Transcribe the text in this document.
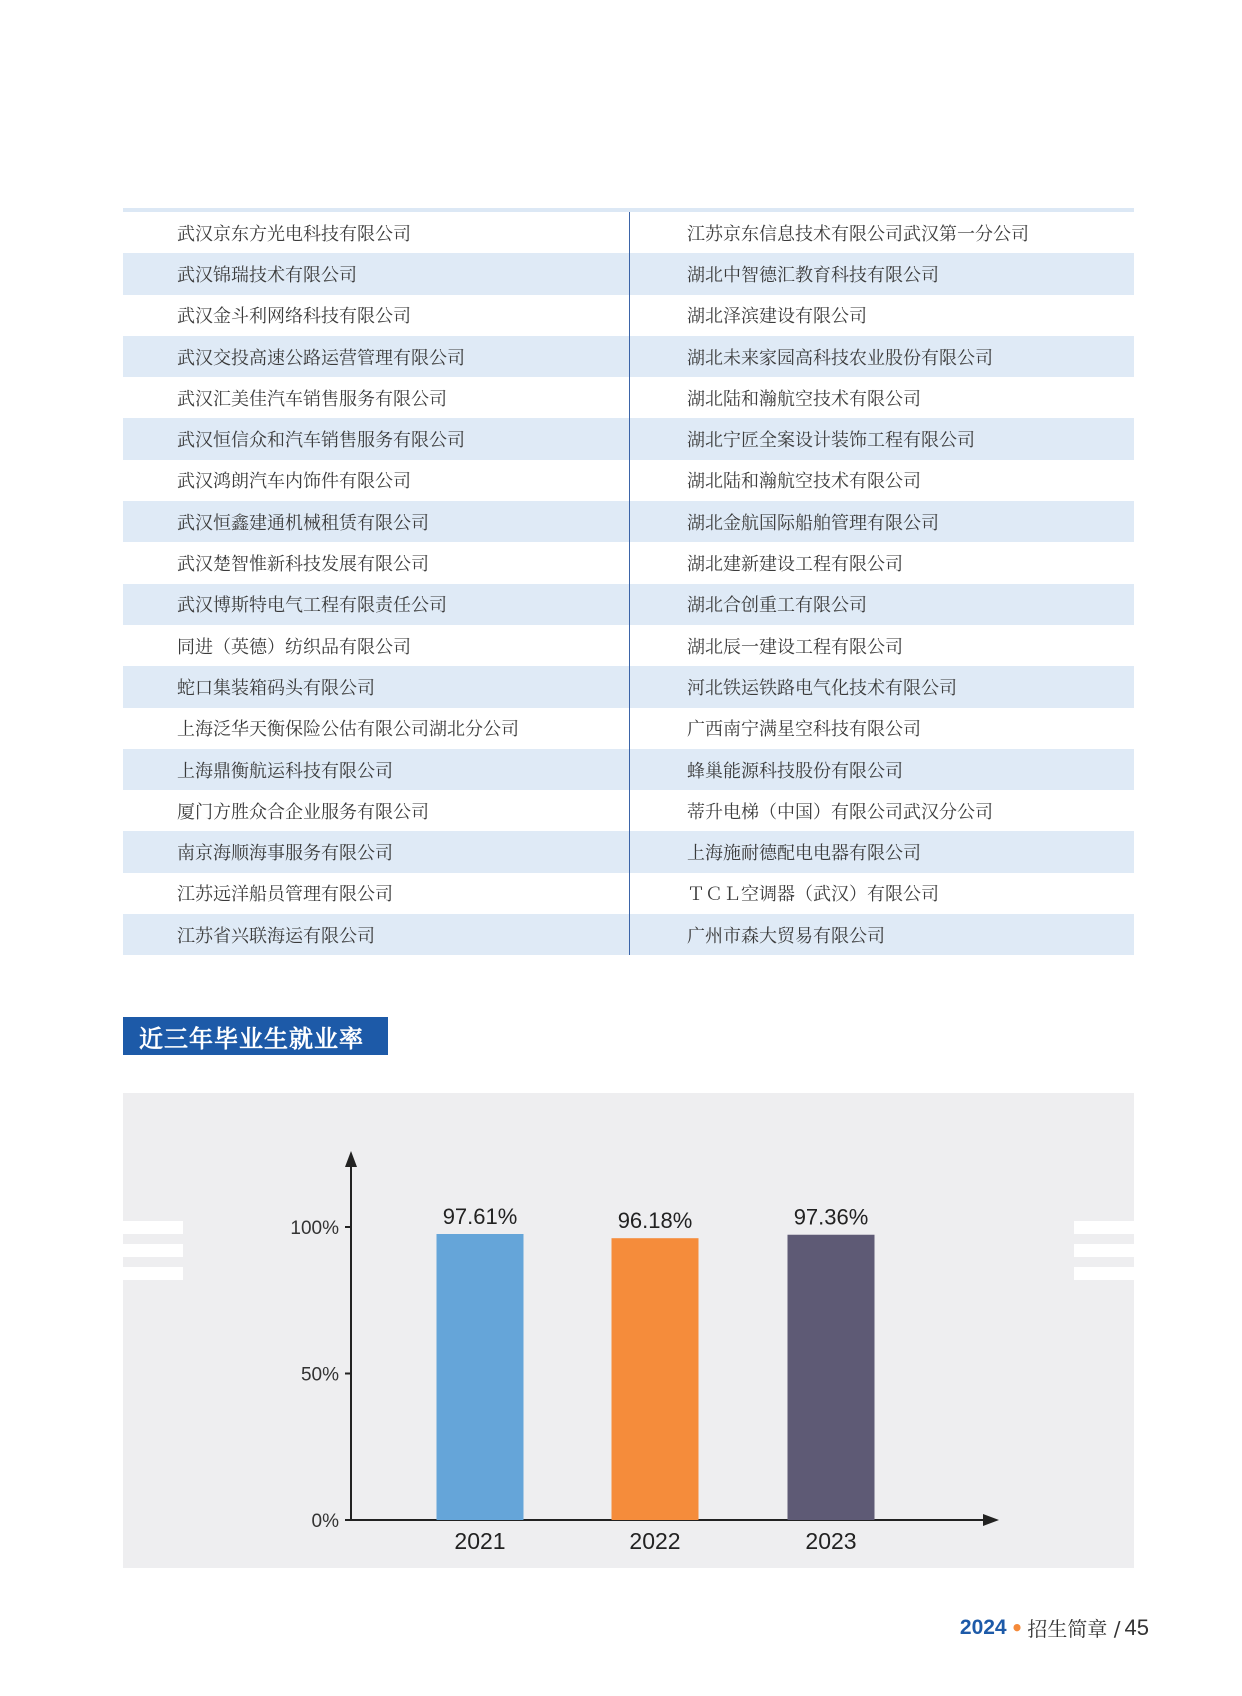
武汉京东方光电科技有限公司	江苏京东信息技术有限公司武汉第一分公司
武汉锦瑞技术有限公司	湖北中智德汇教育科技有限公司
武汉金斗利网络科技有限公司	湖北泽滨建设有限公司
武汉交投高速公路运营管理有限公司	湖北未来家园高科技农业股份有限公司
武汉汇美佳汽车销售服务有限公司	湖北陆和瀚航空技术有限公司
武汉恒信众和汽车销售服务有限公司	湖北宁匠全案设计装饰工程有限公司
武汉鸿朗汽车内饰件有限公司	湖北陆和瀚航空技术有限公司
武汉恒鑫建通机械租赁有限公司	湖北金航国际船舶管理有限公司
武汉楚智惟新科技发展有限公司	湖北建新建设工程有限公司
武汉博斯特电气工程有限责任公司	湖北合创重工有限公司
同进（英德）纺织品有限公司	湖北辰一建设工程有限公司
蛇口集装箱码头有限公司	河北铁运铁路电气化技术有限公司
上海泛华天衡保险公估有限公司湖北分公司	广西南宁满星空科技有限公司
上海鼎衡航运科技有限公司	蜂巢能源科技股份有限公司
厦门方胜众合企业服务有限公司	蒂升电梯（中国）有限公司武汉分公司
南京海顺海事服务有限公司	上海施耐德配电电器有限公司
江苏远洋船员管理有限公司	ＴＣＬ空调器（武汉）有限公司
江苏省兴联海运有限公司	广州市森大贸易有限公司
近三年毕业生就业率
0%
50%
100%	97.61%	96.18%	97.36%
2021	2022	2023
2024 • 招生简章 / 45
